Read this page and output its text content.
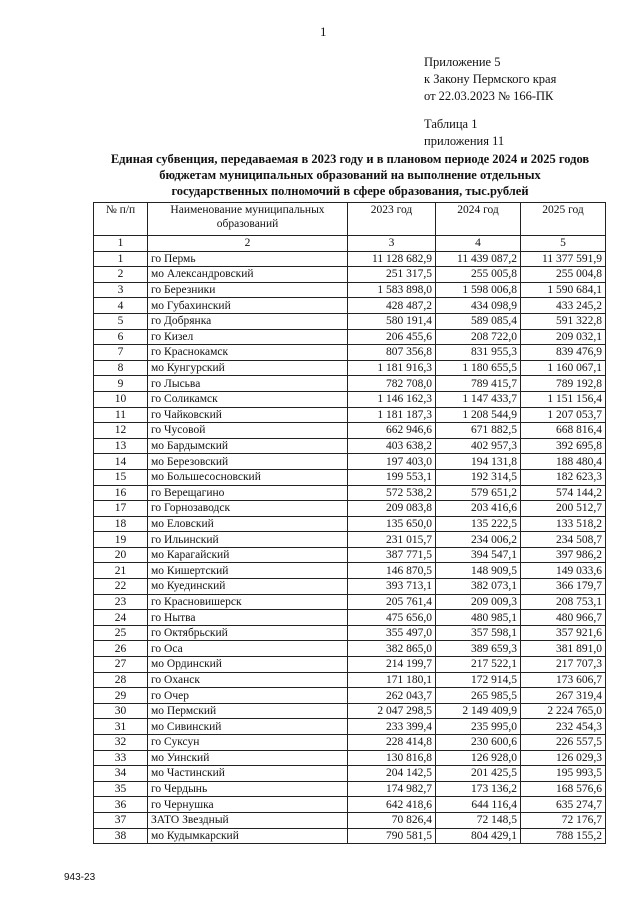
1
Приложение 5
к Закону Пермского края
от 22.03.2023 № 166-ПК
Таблица 1
приложения 11
Единая субвенция, передаваемая в 2023 году и в плановом периоде 2024 и 2025 годов
бюджетам муниципальных образований на выполнение отдельных
государственных полномочий в сфере образования, тыс.рублей
№ п/п	Наименование муниципальных образований	2023 год	2024 год	2025 год
1	2	3	4	5
1	го Пермь	11 128 682,9	11 439 087,2	11 377 591,9
2	мо Александровский	251 317,5	255 005,8	255 004,8
3	го Березники	1 583 898,0	1 598 006,8	1 590 684,1
4	мо Губахинский	428 487,2	434 098,9	433 245,2
5	го Добрянка	580 191,4	589 085,4	591 322,8
6	го Кизел	206 455,6	208 722,0	209 032,1
7	го Краснокамск	807 356,8	831 955,3	839 476,9
8	мо Кунгурский	1 181 916,3	1 180 655,5	1 160 067,1
9	го Лысьва	782 708,0	789 415,7	789 192,8
10	го Соликамск	1 146 162,3	1 147 433,7	1 151 156,4
11	го Чайковский	1 181 187,3	1 208 544,9	1 207 053,7
12	го Чусовой	662 946,6	671 882,5	668 816,4
13	мо Бардымский	403 638,2	402 957,3	392 695,8
14	мо Березовский	197 403,0	194 131,8	188 480,4
15	мо Большесосновский	199 553,1	192 314,5	182 623,3
16	го Верещагино	572 538,2	579 651,2	574 144,2
17	го Горнозаводск	209 083,8	203 416,6	200 512,7
18	мо Еловский	135 650,0	135 222,5	133 518,2
19	го Ильинский	231 015,7	234 006,2	234 508,7
20	мо Карагайский	387 771,5	394 547,1	397 986,2
21	мо Кишертский	146 870,5	148 909,5	149 033,6
22	мо Куединский	393 713,1	382 073,1	366 179,7
23	го Красновишерск	205 761,4	209 009,3	208 753,1
24	го Нытва	475 656,0	480 985,1	480 966,7
25	го Октябрьский	355 497,0	357 598,1	357 921,6
26	го Оса	382 865,0	389 659,3	381 891,0
27	мо Ординский	214 199,7	217 522,1	217 707,3
28	го Оханск	171 180,1	172 914,5	173 606,7
29	го Очер	262 043,7	265 985,5	267 319,4
30	мо Пермский	2 047 298,5	2 149 409,9	2 224 765,0
31	мо Сивинский	233 399,4	235 995,0	232 454,3
32	го Суксун	228 414,8	230 600,6	226 557,5
33	мо Уинский	130 816,8	126 928,0	126 029,3
34	мо Частинский	204 142,5	201 425,5	195 993,5
35	го Чердынь	174 982,7	173 136,2	168 576,6
36	го Чернушка	642 418,6	644 116,4	635 274,7
37	ЗАТО Звездный	70 826,4	72 148,5	72 176,7
38	мо Кудымкарский	790 581,5	804 429,1	788 155,2
943-23
